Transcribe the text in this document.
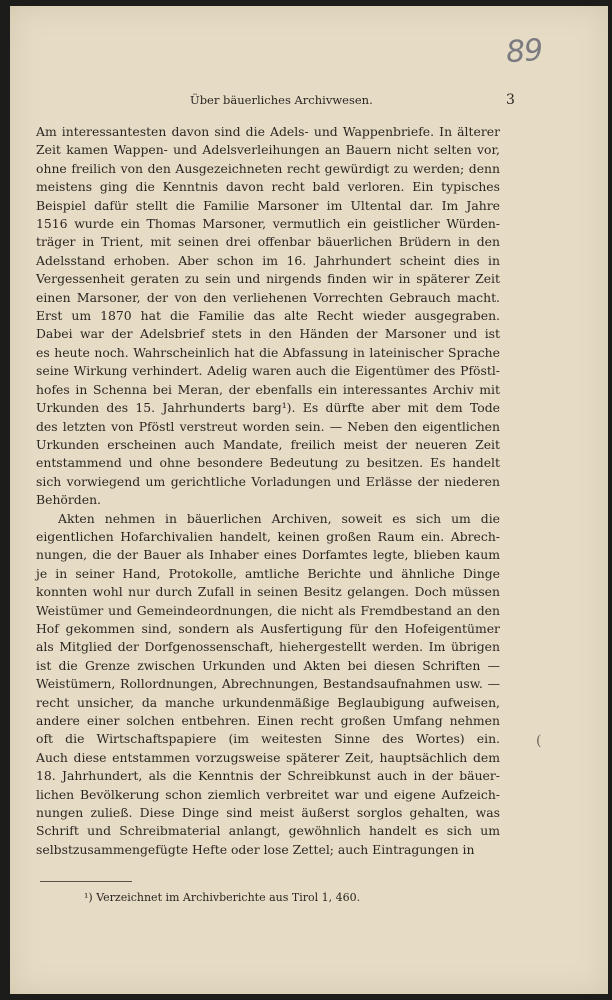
89
Über bäuerliches Archivwesen.	3

Am interessantesten davon sind die Adels- und Wappenbriefe. In älterer
Zeit kamen Wappen- und Adelsverleihungen an Bauern nicht selten vor,
ohne freilich von den Ausgezeichneten recht gewürdigt zu werden; denn
meistens ging die Kenntnis davon recht bald verloren. Ein typisches
Beispiel dafür stellt die Familie Marsoner im Ultental dar. Im Jahre
1516 wurde ein Thomas Marsoner, vermutlich ein geistlicher Würden-
träger in Trient, mit seinen drei offenbar bäuerlichen Brüdern in den
Adelsstand erhoben. Aber schon im 16. Jahrhundert scheint dies in
Vergessenheit geraten zu sein und nirgends finden wir in späterer Zeit
einen Marsoner, der von den verliehenen Vorrechten Gebrauch macht.
Erst um 1870 hat die Familie das alte Recht wieder ausgegraben.
Dabei war der Adelsbrief stets in den Händen der Marsoner und ist
es heute noch. Wahrscheinlich hat die Abfassung in lateinischer Sprache
seine Wirkung verhindert. Adelig waren auch die Eigentümer des Pföstl-
hofes in Schenna bei Meran, der ebenfalls ein interessantes Archiv mit
Urkunden des 15. Jahrhunderts barg¹). Es dürfte aber mit dem Tode
des letzten von Pföstl verstreut worden sein. — Neben den eigentlichen
Urkunden erscheinen auch Mandate, freilich meist der neueren Zeit
entstammend und ohne besondere Bedeutung zu besitzen. Es handelt
sich vorwiegend um gerichtliche Vorladungen und Erlässe der niederen
Behörden.

Akten nehmen in bäuerlichen Archiven, soweit es sich um die
eigentlichen Hofarchivalien handelt, keinen großen Raum ein. Abrech-
nungen, die der Bauer als Inhaber eines Dorfamtes legte, blieben kaum
je in seiner Hand, Protokolle, amtliche Berichte und ähnliche Dinge
konnten wohl nur durch Zufall in seinen Besitz gelangen. Doch müssen
Weistümer und Gemeindeordnungen, die nicht als Fremdbestand an den
Hof gekommen sind, sondern als Ausfertigung für den Hofeigentümer
als Mitglied der Dorfgenossenschaft, hiehergestellt werden. Im übrigen
ist die Grenze zwischen Urkunden und Akten bei diesen Schriften —
Weistümern, Rollordnungen, Abrechnungen, Bestandsaufnahmen usw. —
recht unsicher, da manche urkundenmäßige Beglaubigung aufweisen,
andere einer solchen entbehren. Einen recht großen Umfang nehmen
oft die Wirtschaftspapiere (im weitesten Sinne des Wortes) ein.
Auch diese entstammen vorzugsweise späterer Zeit, hauptsächlich dem
18. Jahrhundert, als die Kenntnis der Schreibkunst auch in der bäuer-
lichen Bevölkerung schon ziemlich verbreitet war und eigene Aufzeich-
nungen zuließ. Diese Dinge sind meist äußerst sorglos gehalten, was
Schrift und Schreibmaterial anlangt, gewöhnlich handelt es sich um
selbstzusammengefügte Hefte oder lose Zettel; auch Eintragungen in

(
¹) Verzeichnet im Archivberichte aus Tirol 1, 460.
